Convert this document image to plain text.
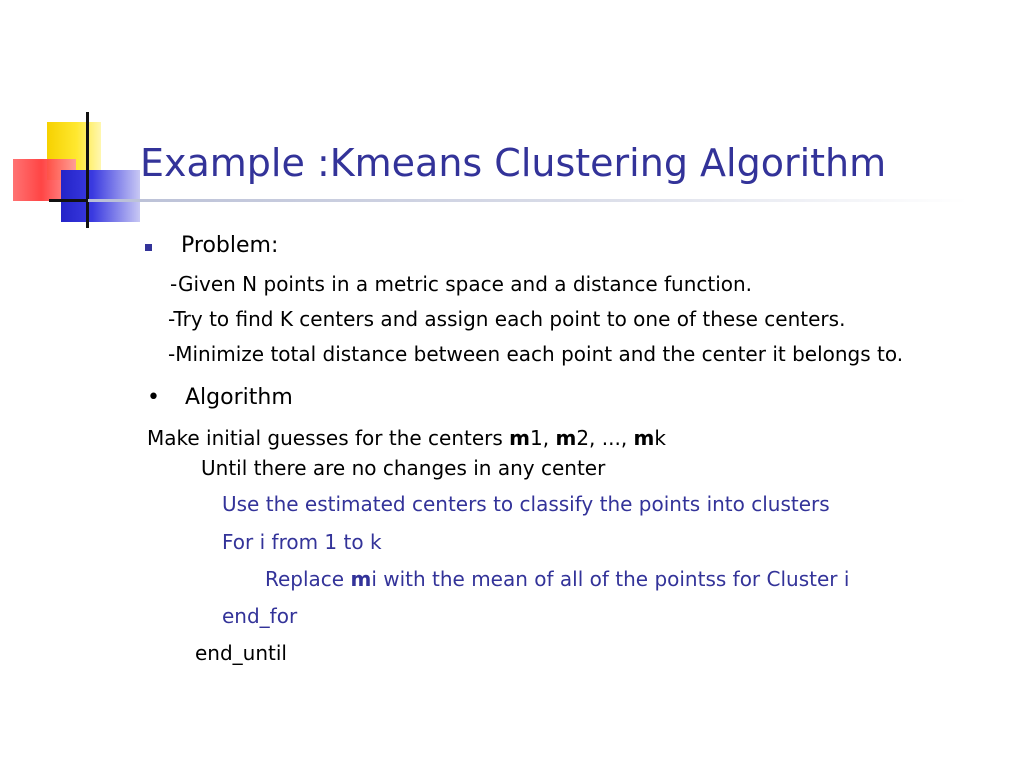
Example :Kmeans Clustering Algorithm
Problem:
-Given N points in a metric space and a distance function.
-Try to find K centers and assign each point to one of these centers.
-Minimize total distance between each point and the center it belongs to.
• Algorithm
Make initial guesses for the centers m1, m2, ..., mk
Until there are no changes in any center
Use the estimated centers to classify the points into clusters
For i from 1 to k
Replace mi with the mean of all of the pointss for Cluster i
end_for
end_until
